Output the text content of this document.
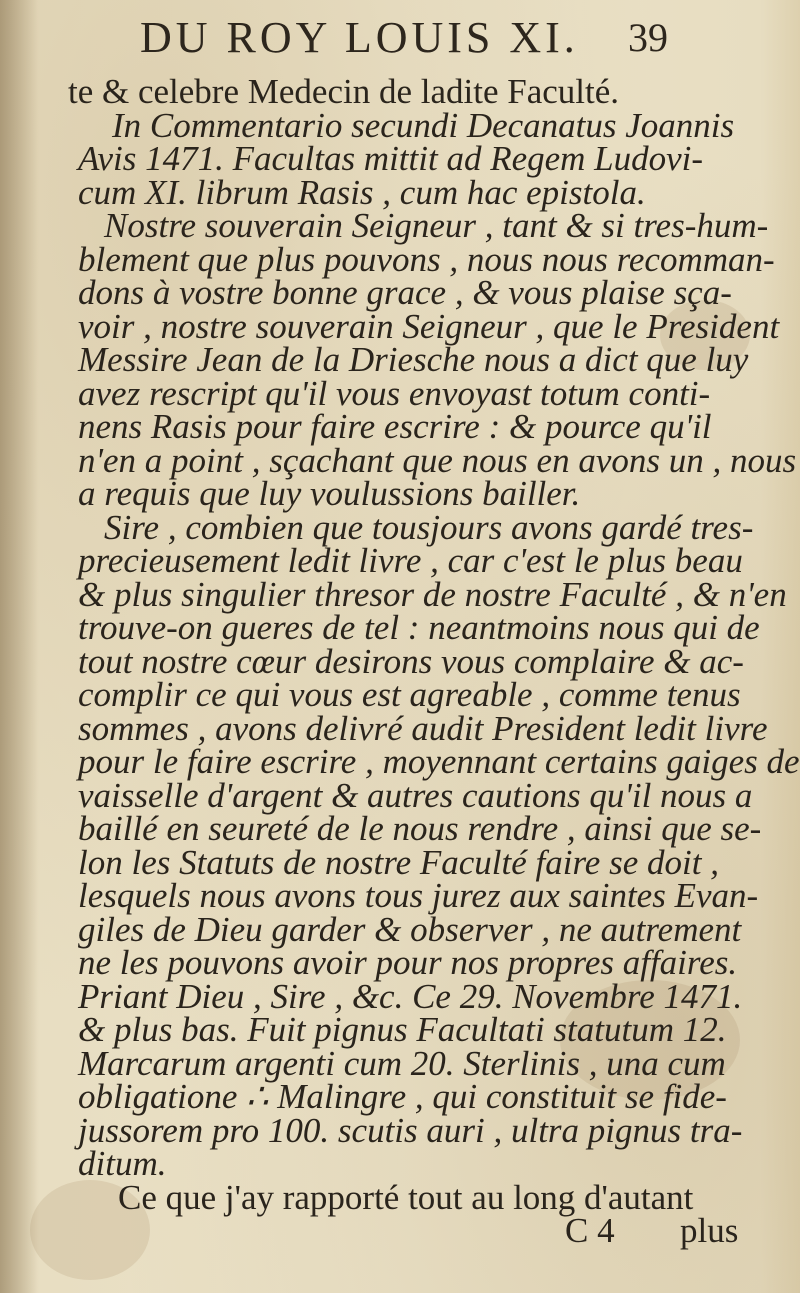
DU ROY LOUIS XI. 39
te & celebre Medecin de ladite Faculté.
In Commentario secundi Decanatus Joannis
Avis 1471. Facultas mittit ad Regem Ludovi-
cum XI. librum Rasis , cum hac epistola.
Nostre souverain Seigneur , tant & si tres-hum-
blement que plus pouvons , nous nous recomman-
dons à vostre bonne grace , & vous plaise sça-
voir , nostre souverain Seigneur , que le President
Messire Jean de la Driesche nous a dict que luy
avez rescript qu'il vous envoyast totum conti-
nens Rasis pour faire escrire : & pource qu'il
n'en a point , sçachant que nous en avons un , nous
a requis que luy voulussions bailler.
Sire , combien que tousjours avons gardé tres-
precieusement ledit livre , car c'est le plus beau
& plus singulier thresor de nostre Faculté , & n'en
trouve-on gueres de tel : neantmoins nous qui de
tout nostre cœur desirons vous complaire & ac-
complir ce qui vous est agreable , comme tenus
sommes , avons delivré audit President ledit livre
pour le faire escrire , moyennant certains gaiges de
vaisselle d'argent & autres cautions qu'il nous a
baillé en seureté de le nous rendre , ainsi que se-
lon les Statuts de nostre Faculté faire se doit ,
lesquels nous avons tous jurez aux saintes Evan-
giles de Dieu garder & observer , ne autrement
ne les pouvons avoir pour nos propres affaires.
Priant Dieu , Sire , &c. Ce 29. Novembre 1471.
& plus bas. Fuit pignus Facultati statutum 12.
Marcarum argenti cum 20. Sterlinis , una cum
obligatione ∴ Malingre , qui constituit se fide-
jussorem pro 100. scutis auri , ultra pignus tra-
ditum.
Ce que j'ay rapporté tout au long d'autant
C 4 plus
